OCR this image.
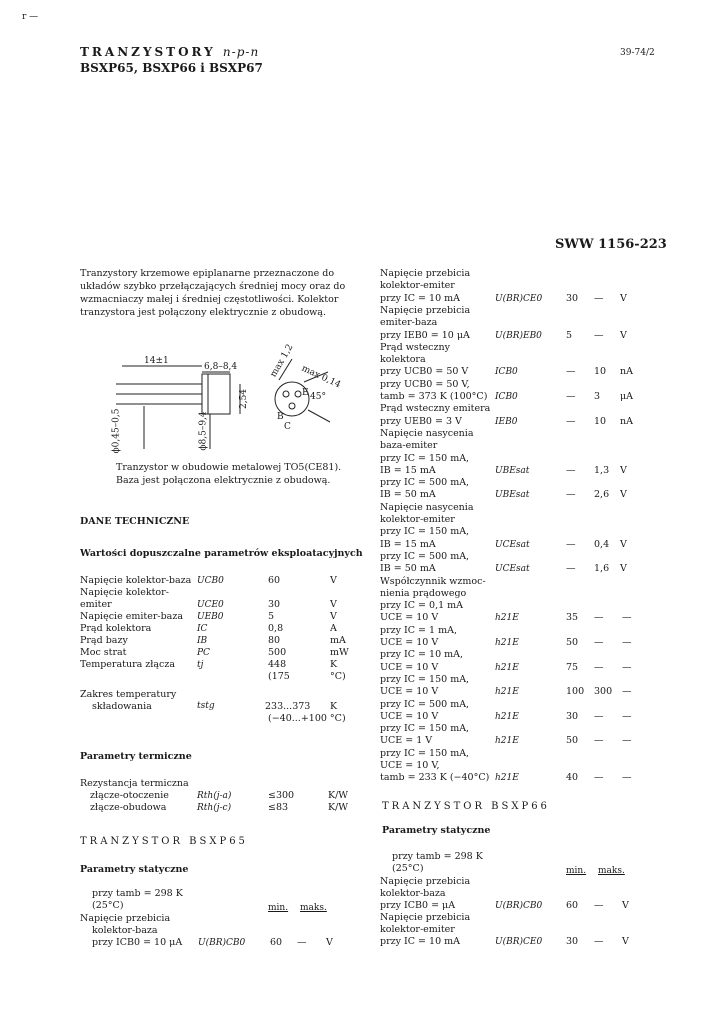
r —
TRANZYSTORY n-p-n
BSXP65, BSXP66 i BSXP67
39-74/2
SWW 1156-223
Tranzystory krzemowe epiplanarne przeznaczone do układów szybko przełączających średniej mocy oraz do wzmacniaczy małej i średniej częstotliwości. Kolektor tranzystora jest połączony elektrycznie z obudową.
14±1
6,8–8,4
ϕ0,45–0,5	ϕ8,5–9,4
2,54
max 1,2 max 0,14
45°
E
B
C
Tranzystor w obudowie metalowej TO5(CE81).
Baza jest połączona elektrycznie z obudową.
DANE TECHNICZNE
Wartości dopuszczalne parametrów eksploatacyjnych
Napięcie kolektor-baza UCB0	60	V
Napięcie kolektor-
emiter	UCE0	30	V
Napięcie emiter-baza UEB0	5	V
Prąd kolektora	IC	0,8	A
Prąd bazy	IB	80	mA
Moc strat	PC	500	mW
Temperatura złącza tj	448	K
(175	°C)
Zakres temperatury
składowania	tstg	233...373 K
(−40...+100 °C)
Parametry termiczne
Rezystancja termiczna
złącze-otoczenie	Rth(j-a)	≤300	K/W
złącze-obudowa	Rth(j-c)	≤83	K/W
TRANZYSTOR BSXP65
Parametry statyczne
przy tamb = 298 K
(25°C)	min. maks.
Napięcie przebicia
kolektor-baza
przy ICB0 = 10 μA U(BR)CB0	60 — V
Napięcie przebicia
kolektor-emiter
przy IC = 10 mA	U(BR)CE0	30 — V
Napięcie przebicia
emiter-baza
przy IEB0 = 10 μA	U(BR)EB0	5 — V
Prąd wsteczny
kolektora
przy UCB0 = 50 V	ICB0	— 10 nA
przy UCB0 = 50 V,
tamb = 373 K (100°C) ICB0	— 3 μA
Prąd wsteczny emitera
przy UEB0 = 3 V	IEB0	— 10 nA
Napięcie nasycenia
baza-emiter
przy IC = 150 mA,
IB = 15 mA	UBEsat	— 1,3 V
przy IC = 500 mA,
IB = 50 mA	UBEsat	— 2,6 V
Napięcie nasycenia
kolektor-emiter
przy IC = 150 mA,
IB = 15 mA	UCEsat	— 0,4 V
przy IC = 500 mA,
IB = 50 mA	UCEsat	— 1,6 V
Współczynnik wzmoc-
nienia prądowego
przy IC = 0,1 mA
UCE = 10 V	h21E	35 — —
przy IC = 1 mA,
UCE = 10 V	h21E	50 — —
przy IC = 10 mA,
UCE = 10 V	h21E	75 — —
przy IC = 150 mA,
UCE = 10 V	h21E	100 300 —
przy IC = 500 mA,
UCE = 10 V	h21E	30 — —
przy IC = 150 mA,
UCE = 1 V	h21E	50 — —
przy IC = 150 mA,
UCE = 10 V,
tamb = 233 K (−40°C) h21E	40 — —
TRANZYSTOR BSXP66
Parametry statyczne
przy tamb = 298 K
(25°C)	min. maks.
Napięcie przebicia
kolektor-baza
przy ICB0 = μA	U(BR)CB0	60 — V
Napięcie przebicia
kolektor-emiter
przy IC = 10 mA	U(BR)CE0	30 — V
